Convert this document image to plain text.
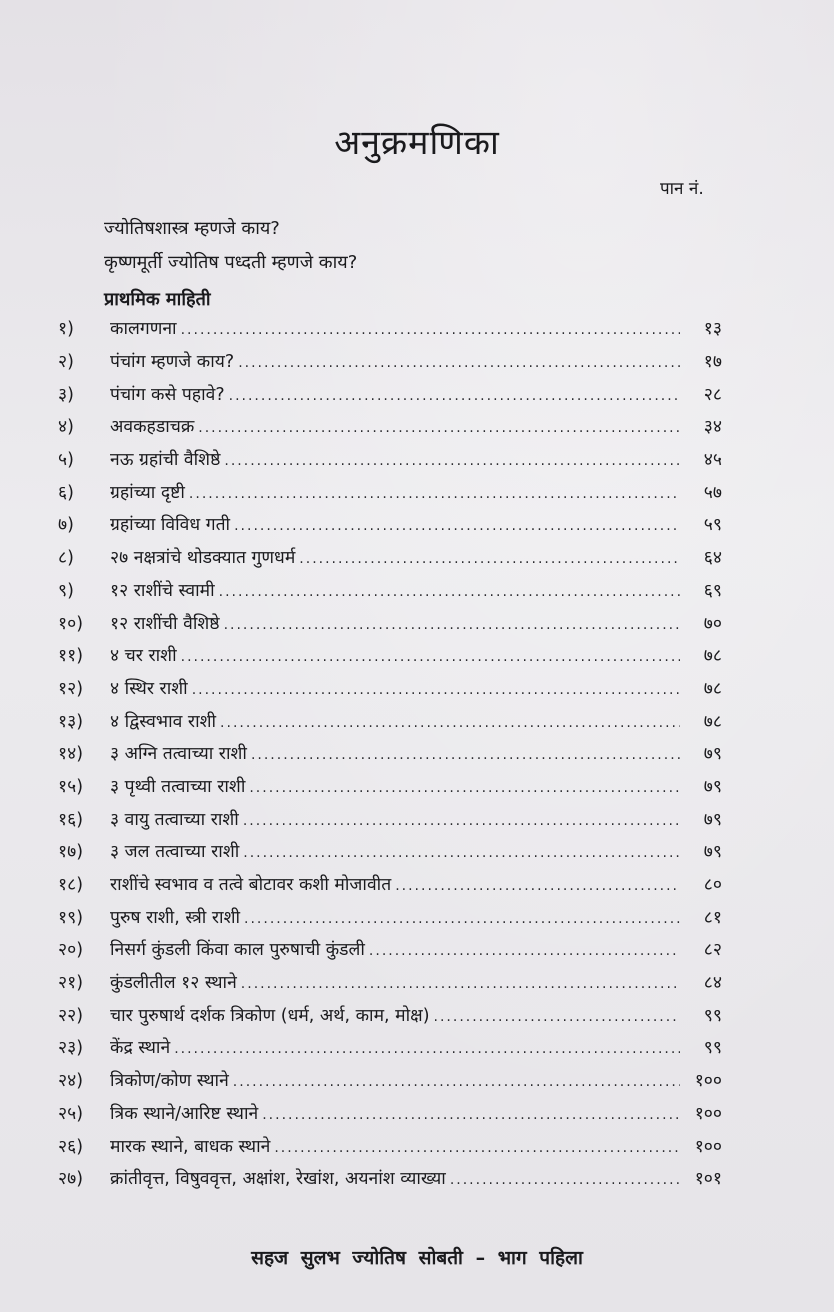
अनुक्रमणिका
पान नं.
ज्योतिषशास्त्र म्हणजे काय?
कृष्णमूर्ती ज्योतिष पध्दती म्हणजे काय?
प्राथमिक माहिती
१)	कालगणना .....	१३
२)	पंचांग म्हणजे काय? .....	१७
३)	पंचांग कसे पहावे? .....	२८
४)	अवकहडाचक्र .....	३४
५)	नऊ ग्रहांची वैशिष्ठे .....	४५
६)	ग्रहांच्या दृष्टी .....	५७
७)	ग्रहांच्या विविध गती .....	५९
८)	२७ नक्षत्रांचे थोडक्यात गुणधर्म .....	६४
९)	१२ राशींचे स्वामी .....	६९
१०)	१२ राशींची वैशिष्ठे .....	७०
११)	४ चर राशी .....	७८
१२)	४ स्थिर राशी .....	७८
१३)	४ द्विस्वभाव राशी .....	७८
१४)	३ अग्नि तत्वाच्या राशी .....	७९
१५)	३ पृथ्वी तत्वाच्या राशी .....	७९
१६)	३ वायु तत्वाच्या राशी .....	७९
१७)	३ जल तत्वाच्या राशी .....	७९
१८)	राशींचे स्वभाव व तत्वे बोटावर कशी मोजावीत .....	८०
१९)	पुरुष राशी, स्त्री राशी .....	८१
२०)	निसर्ग कुंडली किंवा काल पुरुषाची कुंडली .....	८२
२१)	कुंडलीतील १२ स्थाने .....	८४
२२)	चार पुरुषार्थ दर्शक त्रिकोण (धर्म, अर्थ, काम, मोक्ष) .....	९९
२३)	केंद्र स्थाने .....	९९
२४)	त्रिकोण/कोण स्थाने .....	१००
२५)	त्रिक स्थाने/आरिष्ट स्थाने .....	१००
२६)	मारक स्थाने, बाधक स्थाने .....	१००
२७)	क्रांतीवृत्त, विषुववृत्त, अक्षांश, रेखांश, अयनांश व्याख्या .....	१०१
सहज सुलभ ज्योतिष सोबती – भाग पहिला
